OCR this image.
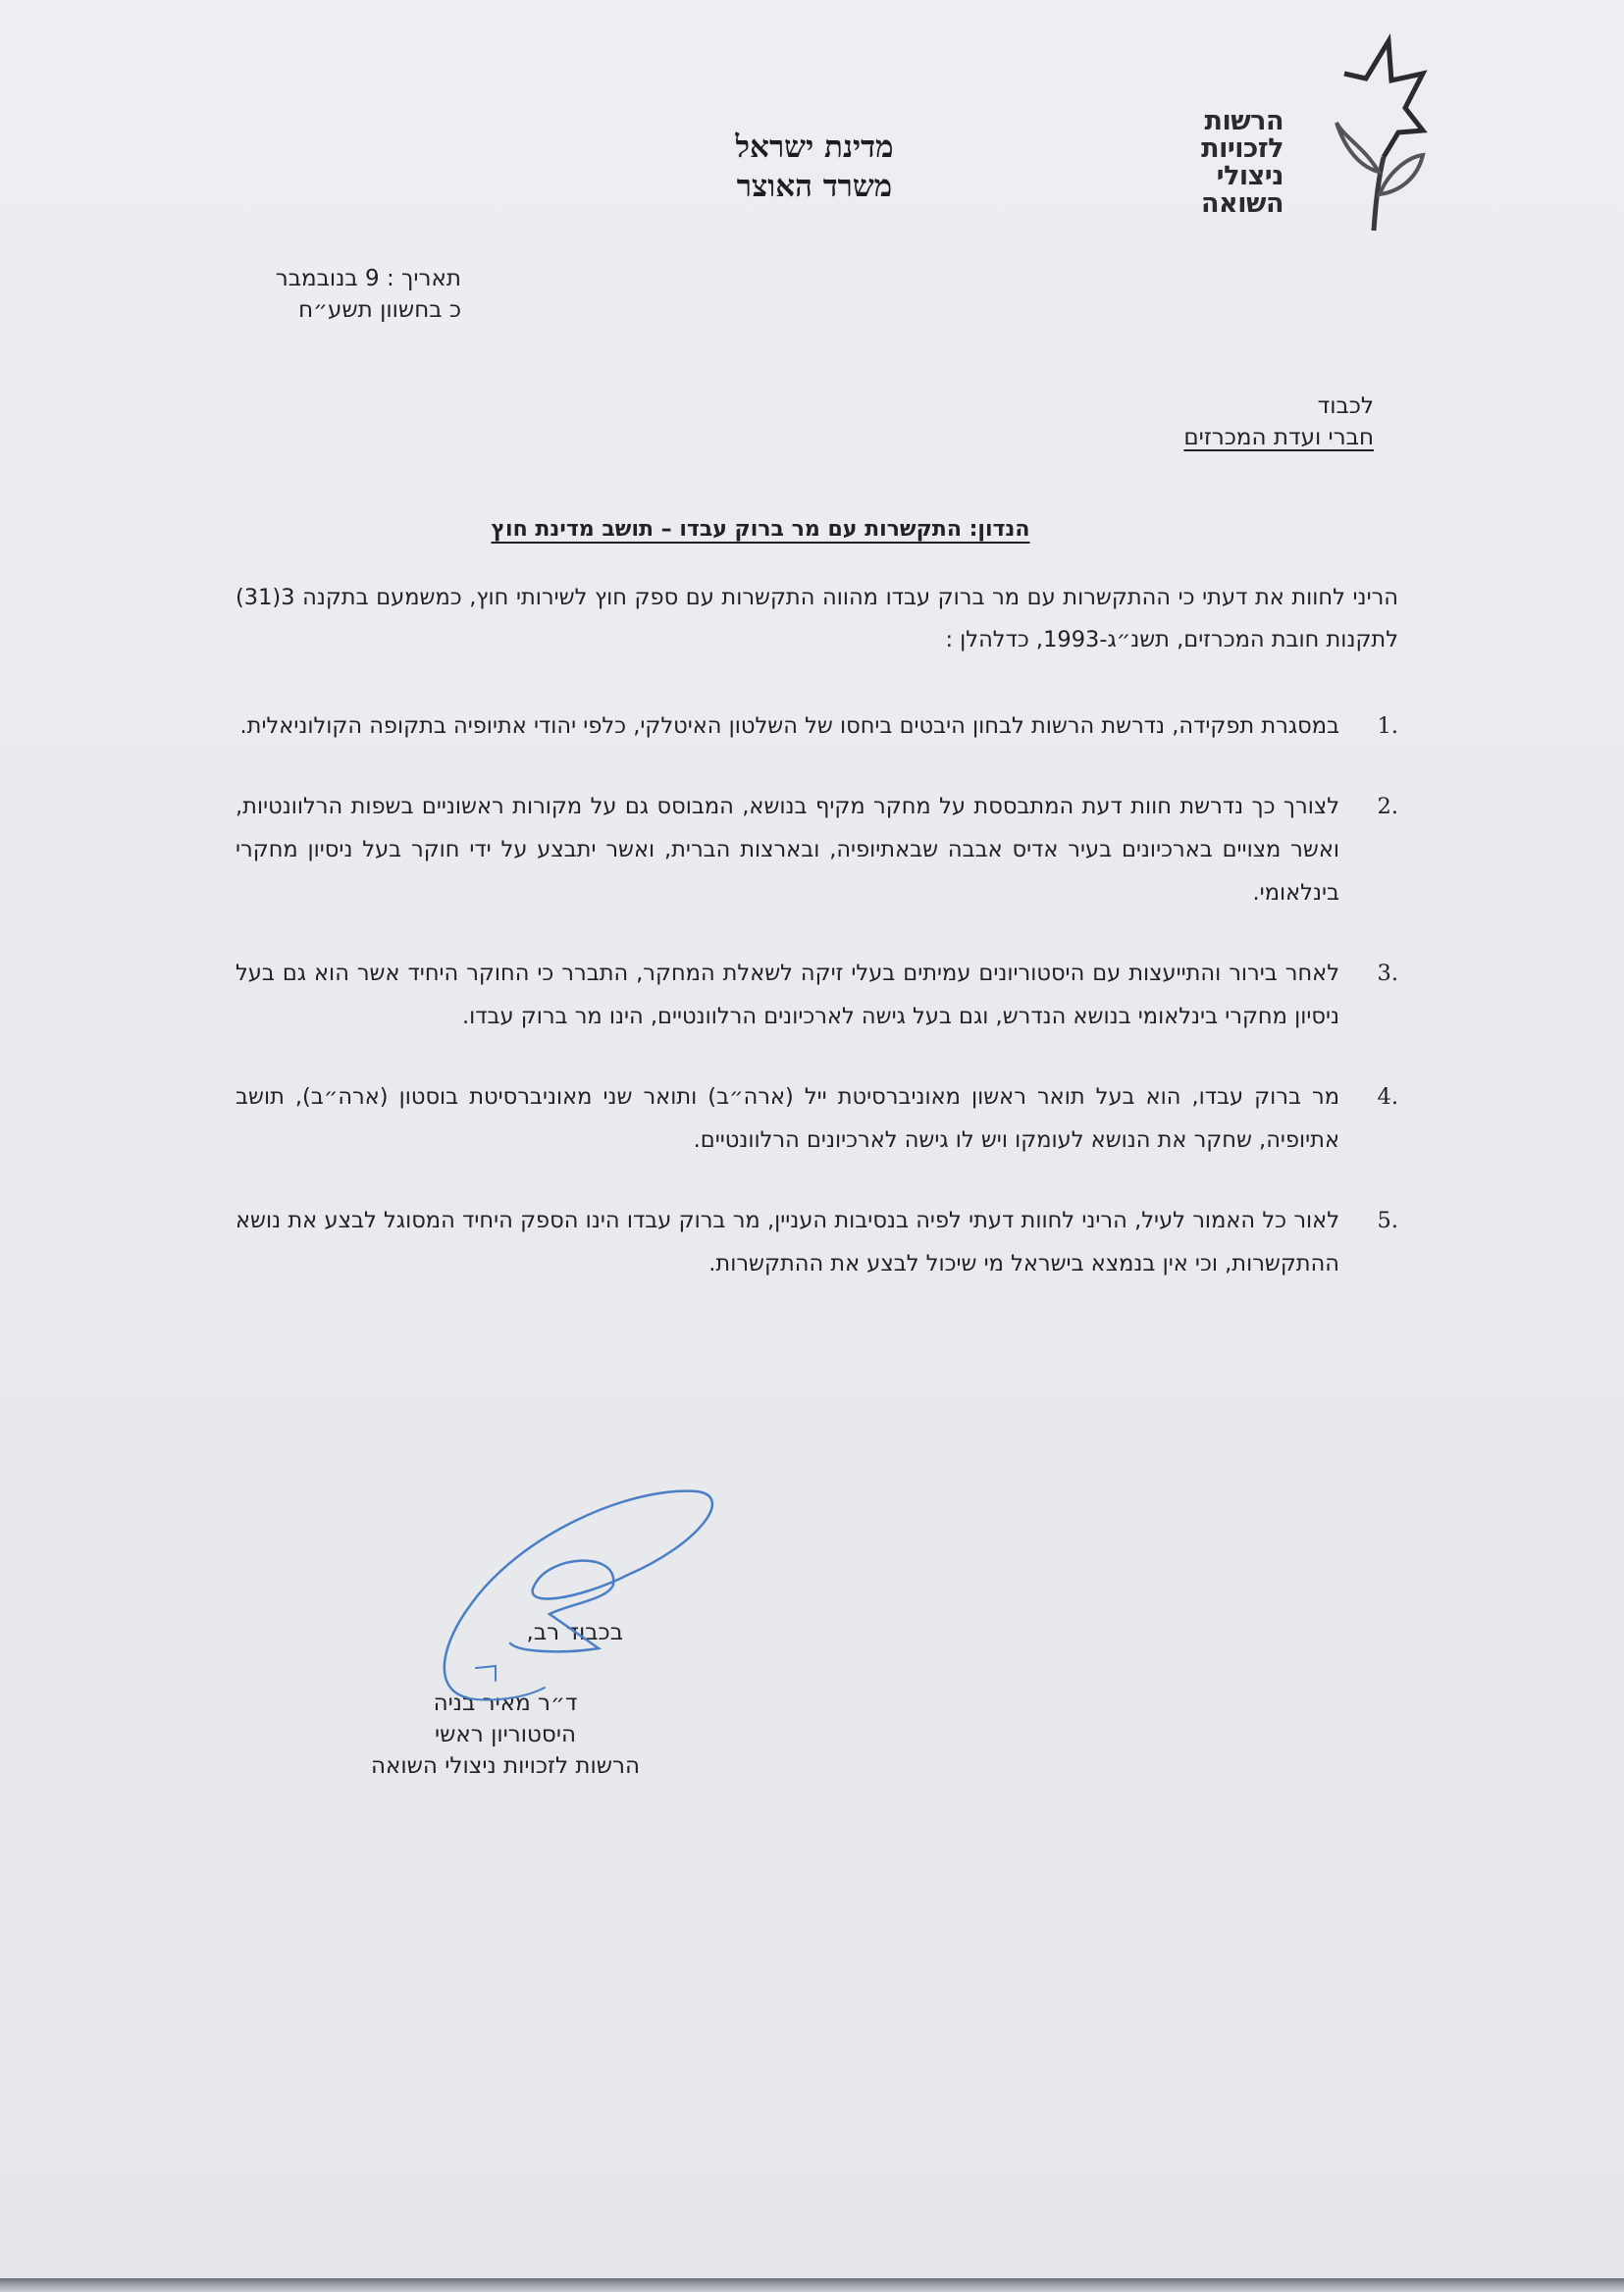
הרשות
לזכויות
ניצולי
השואה
מדינת ישראל
משרד האוצר
תאריך : 9 בנובמבר
כ בחשוון תשע״ח
לכבוד
חברי ועדת המכרזים
הנדון: התקשרות עם מר ברוק עבדו – תושב מדינת חוץ
הריני לחוות את דעתי כי ההתקשרות עם מר ברוק עבדו מהווה התקשרות עם ספק חוץ לשירותי חוץ, כמשמעם בתקנה 3(31) לתקנות חובת המכרזים, תשנ״ג-1993, כדלהלן :
1.
במסגרת תפקידה, נדרשת הרשות לבחון היבטים ביחסו של השלטון האיטלקי, כלפי יהודי אתיופיה בתקופה הקולוניאלית.
2.
לצורך כך נדרשת חוות דעת המתבססת על מחקר מקיף בנושא, המבוסס גם על מקורות ראשוניים בשפות הרלוונטיות, ואשר מצויים בארכיונים בעיר אדיס אבבה שבאתיופיה, ובארצות הברית, ואשר יתבצע על ידי חוקר בעל ניסיון מחקרי בינלאומי.
3.
לאחר בירור והתייעצות עם היסטוריונים עמיתים בעלי זיקה לשאלת המחקר, התברר כי החוקר היחיד אשר הוא גם בעל ניסיון מחקרי בינלאומי בנושא הנדרש, וגם בעל גישה לארכיונים הרלוונטיים, הינו מר ברוק עבדו.
4.
מר ברוק עבדו, הוא בעל תואר ראשון מאוניברסיטת ייל (ארה״ב) ותואר שני מאוניברסיטת בוסטון (ארה״ב), תושב אתיופיה, שחקר את הנושא לעומקו ויש לו גישה לארכיונים הרלוונטיים.
5.
לאור כל האמור לעיל, הריני לחוות דעתי לפיה בנסיבות העניין, מר ברוק עבדו הינו הספק היחיד המסוגל לבצע את נושא ההתקשרות, וכי אין בנמצא בישראל מי שיכול לבצע את ההתקשרות.
בכבוד רב,
ד״ר מאיר בניה
היסטוריון ראשי
הרשות לזכויות ניצולי השואה
